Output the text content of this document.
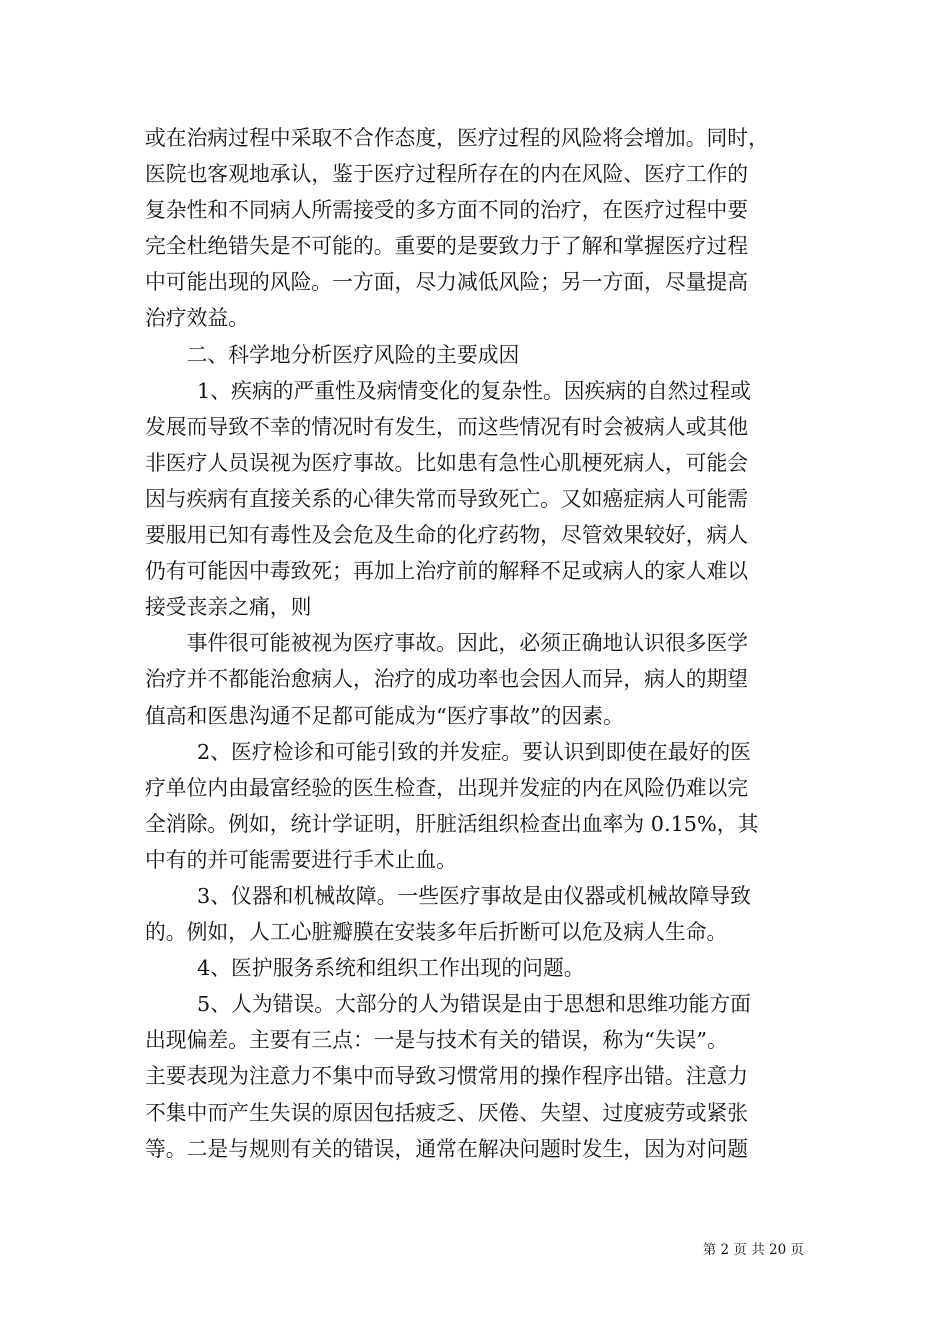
或在治病过程中采取不合作态度，医疗过程的风险将会增加。同时，
医院也客观地承认，鉴于医疗过程所存在的内在风险、医疗工作的
复杂性和不同病人所需接受的多方面不同的治疗，在医疗过程中要
完全杜绝错失是不可能的。重要的是要致力于了解和掌握医疗过程
中可能出现的风险。一方面，尽力减低风险；另一方面，尽量提高
治疗效益。
二、科学地分析医疗风险的主要成因
1、疾病的严重性及病情变化的复杂性。因疾病的自然过程或
发展而导致不幸的情况时有发生，而这些情况有时会被病人或其他
非医疗人员误视为医疗事故。比如患有急性心肌梗死病人，可能会
因与疾病有直接关系的心律失常而导致死亡。又如癌症病人可能需
要服用已知有毒性及会危及生命的化疗药物，尽管效果较好，病人
仍有可能因中毒致死；再加上治疗前的解释不足或病人的家人难以
接受丧亲之痛，则
事件很可能被视为医疗事故。因此，必须正确地认识很多医学
治疗并不都能治愈病人，治疗的成功率也会因人而异，病人的期望
值高和医患沟通不足都可能成为“医疗事故”的因素。
2、医疗检诊和可能引致的并发症。要认识到即使在最好的医
疗单位内由最富经验的医生检查，出现并发症的内在风险仍难以完
全消除。例如，统计学证明，肝脏活组织检查出血率为 0.15%，其
中有的并可能需要进行手术止血。
3、仪器和机械故障。一些医疗事故是由仪器或机械故障导致
的。例如，人工心脏瓣膜在安装多年后折断可以危及病人生命。
4、医护服务系统和组织工作出现的问题。
5、人为错误。大部分的人为错误是由于思想和思维功能方面
出现偏差。主要有三点：一是与技术有关的错误，称为“失误”。
主要表现为注意力不集中而导致习惯常用的操作程序出错。注意力
不集中而产生失误的原因包括疲乏、厌倦、失望、过度疲劳或紧张
等。二是与规则有关的错误，通常在解决问题时发生，因为对问题
第 2 页 共 20 页
